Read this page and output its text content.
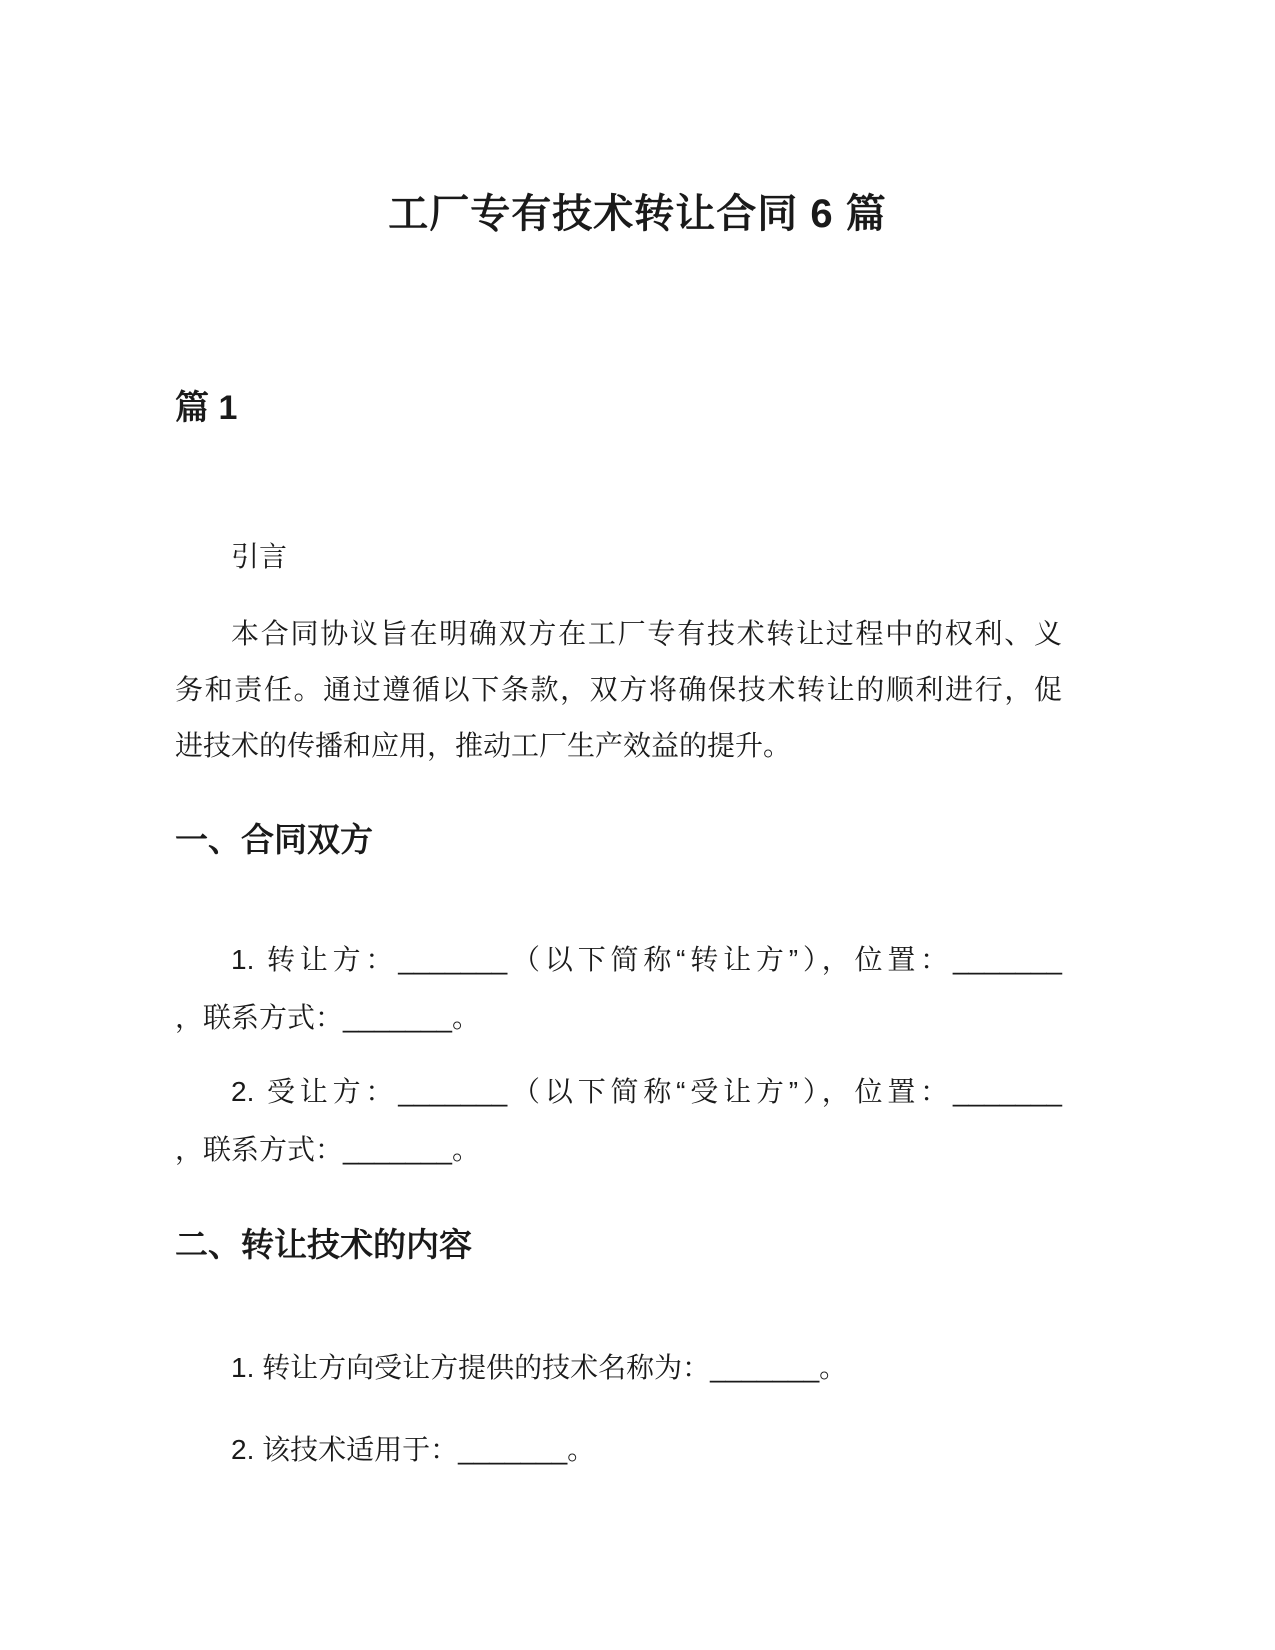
工厂专有技术转让合同 6 篇
篇 1

引言

本合同协议旨在明确双方在工厂专有技术转让过程中的权利、义
务和责任。通过遵循以下条款，双方将确保技术转让的顺利进行，促
进技术的传播和应用，推动工厂生产效益的提升。
一、合同双方
1. 转让方：_______（以下简称“转让方”），位置：_______
，联系方式：_______。
2. 受让方：_______（以下简称“受让方”），位置：_______
，联系方式：_______。
二、转让技术的内容
1. 转让方向受让方提供的技术名称为：_______。
2. 该技术适用于：_______。
